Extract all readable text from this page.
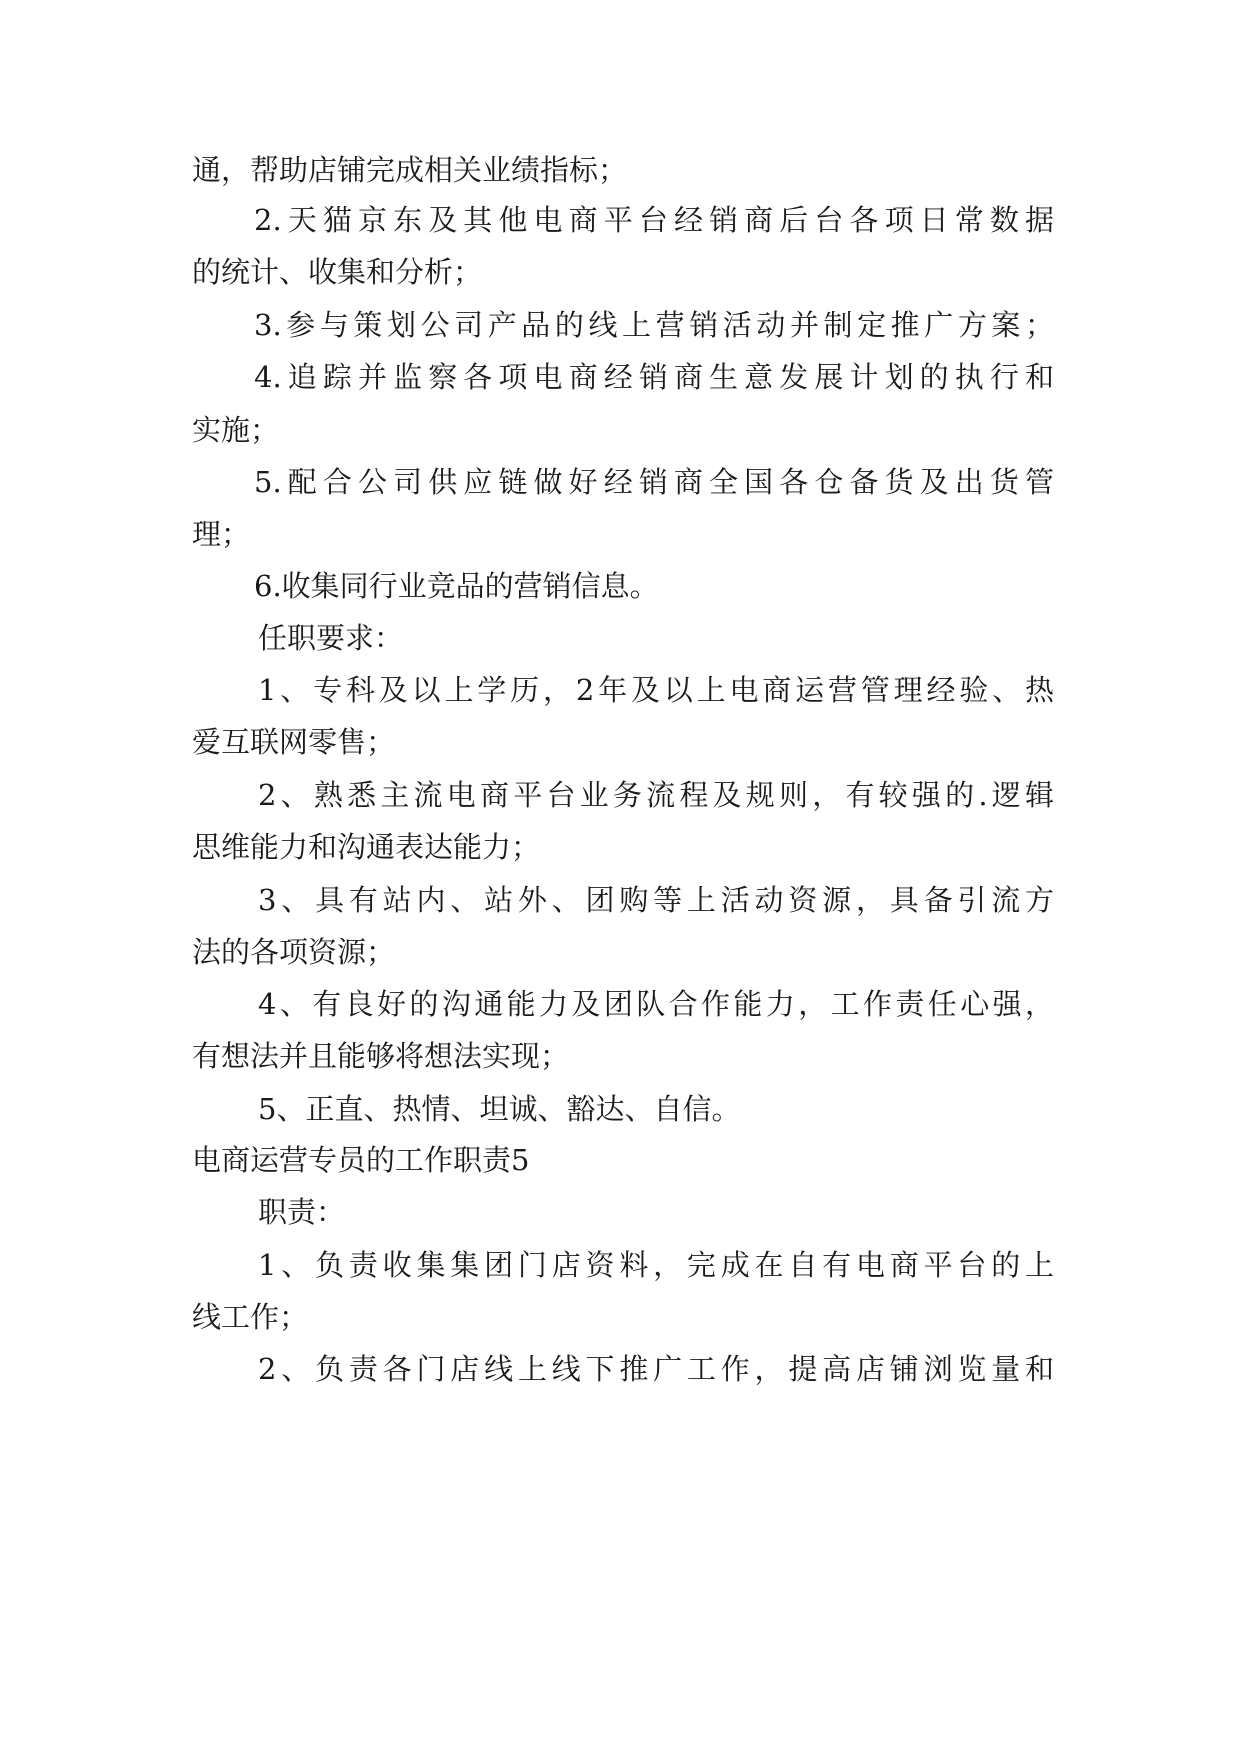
通，帮助店铺完成相关业绩指标；
2.天猫京东及其他电商平台经销商后台各项日常数据
的统计、收集和分析；
3.参与策划公司产品的线上营销活动并制定推广方案；
4.追踪并监察各项电商经销商生意发展计划的执行和
实施；
5.配合公司供应链做好经销商全国各仓备货及出货管
理；
6.收集同行业竞品的营销信息。
任职要求：
1、专科及以上学历，2年及以上电商运营管理经验、热
爱互联网零售；
2、熟悉主流电商平台业务流程及规则，有较强的.逻辑
思维能力和沟通表达能力；
3、具有站内、站外、团购等上活动资源，具备引流方
法的各项资源；
4、有良好的沟通能力及团队合作能力，工作责任心强，
有想法并且能够将想法实现；
5、正直、热情、坦诚、豁达、自信。
电商运营专员的工作职责5
职责：
1、负责收集集团门店资料，完成在自有电商平台的上
线工作；
2、负责各门店线上线下推广工作，提高店铺浏览量和
